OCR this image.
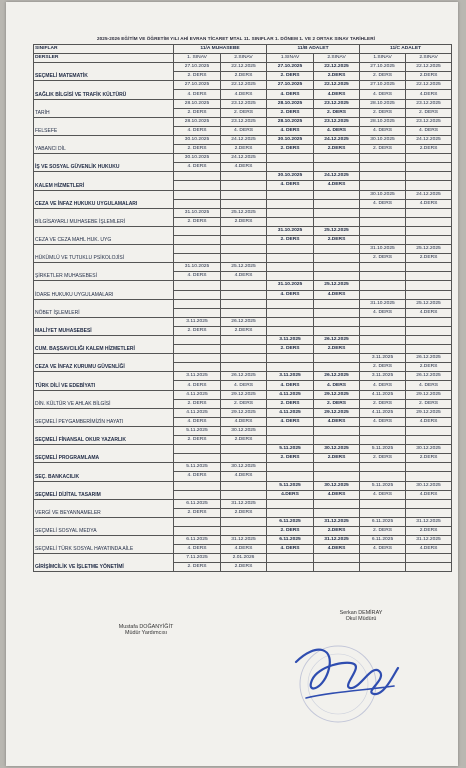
2025-2026 EĞİTİM VE ÖĞRETİM YILI AHİ EVRAN TİCARET MTAL 11. SINIFLAR 1. DÖNEM 1. VE 2 ORTAK SINAV TARİHLERİ
SINIFLAR	11/A MUHASEBE		11/B ADALET		11/C ADALET	
DERSLER	1. SINAV	2.SINAV	1.SINAV	2.SINAV	1.SINAV	2.SINAV
SEÇMELİ MATEMATİK	27.10.2025	22.12.2025	27.10.2025	22.12.2025	27.10.2025	22.12.2025
	2. DERS	2.DERS	2. DERS	2.DERS	2. DERS	2.DERS
SAĞLIK BİLGİSİ VE TRAFİK KÜLTÜRÜ	27.10.2025	22.12.2025	27.10.2025	22.12.2025	27.10.2025	22.12.2025
	4. DERS	4.DERS	4. DERS	4.DERS	4. DERS	4.DERS
TARİH	28.10.2025	23.12.2025	28.10.2025	23.12.2025	28.10.2025	23.12.2025
	2. DERS	2. DERS	2. DERS	2. DERS	2. DERS	2. DERS
FELSEFE	28.10.2025	23.12.2025	28.10.2025	23.12.2025	28.10.2025	23.12.2025
	4. DERS	4. DERS	4. DERS	4. DERS	4. DERS	4. DERS
YABANCI DİL	30.10.2025	24.12.2025	30.10.2025	24.12.2025	30.10.2025	24.12.2025
	2. DERS	2.DERS	2. DERS	2.DERS	2. DERS	2.DERS
İŞ VE SOSYAL GÜVENLİK HUKUKU	30.10.2025	24.12.2025				
	4. DERS	4.DERS				
KALEM HİZMETLERİ			30.10.2025	24.12.2025		
			4. DERS	4.DERS		
CEZA VE İNFAZ HUKUKU UYGULAMALARI					30.10.2025	24.12.2025
					4. DERS	4.DERS
BİLGİSAYARLI MUHASEBE İŞLEMLERİ	31.10.2025	25.12.2025				
	2. DERS	2.DERS				
CEZA VE CEZA MAHL HUK. UYG			31.10.2025	25.12.2025		
			2. DERS	2.DERS		
HÜKÜMLÜ VE TUTUKLU PSİKOLOJİSİ					31.10.2025	25.12.2025
					2. DERS	2.DERS
ŞİRKETLER MUHASEBESİ	31.10.2025	25.12.2025				
	4. DERS	4.DERS				
İDARE HUKUKU UYGULAMALARI			31.10.2025	25.12.2025		
			4. DERS	4.DERS		
NÖBET İŞLEMLERİ					31.10.2025	25.12.2025
					4. DERS	4.DERS
MALİYET MUHASEBESİ	3.11.2025	26.12.2025				
	2. DERS	2.DERS				
CUM. BAŞSAVCILIĞI KALEM HİZMETLERİ			3.11.2025	26.12.2025		
			2. DERS	2.DERS		
CEZA VE İNFAZ KURUMU GÜVENLİĞİ					3.11.2025	26.12.2025
					2. DERS	2.DERS
TÜRK DİLİ VE EDEBİYATI	3.11.2025	26.12.2025	3.11.2025	26.12.2025	3.11.2025	26.12.2025
	4. DERS	4. DERS	4. DERS	4. DERS	4. DERS	4. DERS
DİN. KÜLTÜR VE AHLAK BİLGİSİ	4.11.2025	29.12.2025	4.11.2025	29.12.2025	4.11.2025	29.12.2025
	2. DERS	2. DERS	2. DERS	2. DERS	2. DERS	2. DERS
SEÇMELİ PEYGAMBERİMİZİN HAYATI	4.11.2025	29.12.2025	4.11.2025	29.12.2025	4.11.2025	29.12.2025
	4. DERS	4.DERS	4. DERS	4.DERS	4. DERS	4.DERS
SEÇMELİ FİNANSAL OKUR YAZARLIK	5.11.2025	30.12.2025				
	2. DERS	2.DERS				
SEÇMELİ PROGRAMLAMA			5.11.2025	30.12.2025	5.11.2025	30.12.2025
			2. DERS	2.DERS	2. DERS	2.DERS
SEÇ. BANKACILIK	5.11.2025	30.12.2025				
	4. DERS	4.DERS				
SEÇMELİ DİJİTAL TASARIM			5.11.2025	30.12.2025	5.11.2025	30.12.2025
			4.DERS	4.DERS	4. DERS	4.DERS
VERGİ VE BEYANNAMELER	6.11.2025	31.12.2025				
	2. DERS	2.DERS				
SEÇMELİ SOSYAL MEDYA			6.11.2025	31.12.2025	6.11.2025	31.12.2025
			2. DERS	2.DERS	2. DERS	2.DERS
SEÇMELİ TÜRK SOSYAL HAYATINDA AİLE	6.11.2025	31.12.2025	6.11.2025	31.12.2025	6.11.2025	31.12.2025
	4. DERS	4.DERS	4. DERS	4.DERS	4. DERS	4.DERS
GİRİŞİMCİLİK VE İŞLETME YÖNETİMİ	7.11.2025	2.01.2026				
	2. DERS	2.DERS				
Mustafa DOĞANYİĞİT
Müdür Yardımcısı
Serkan DEMİRAY
Okul Müdürü
